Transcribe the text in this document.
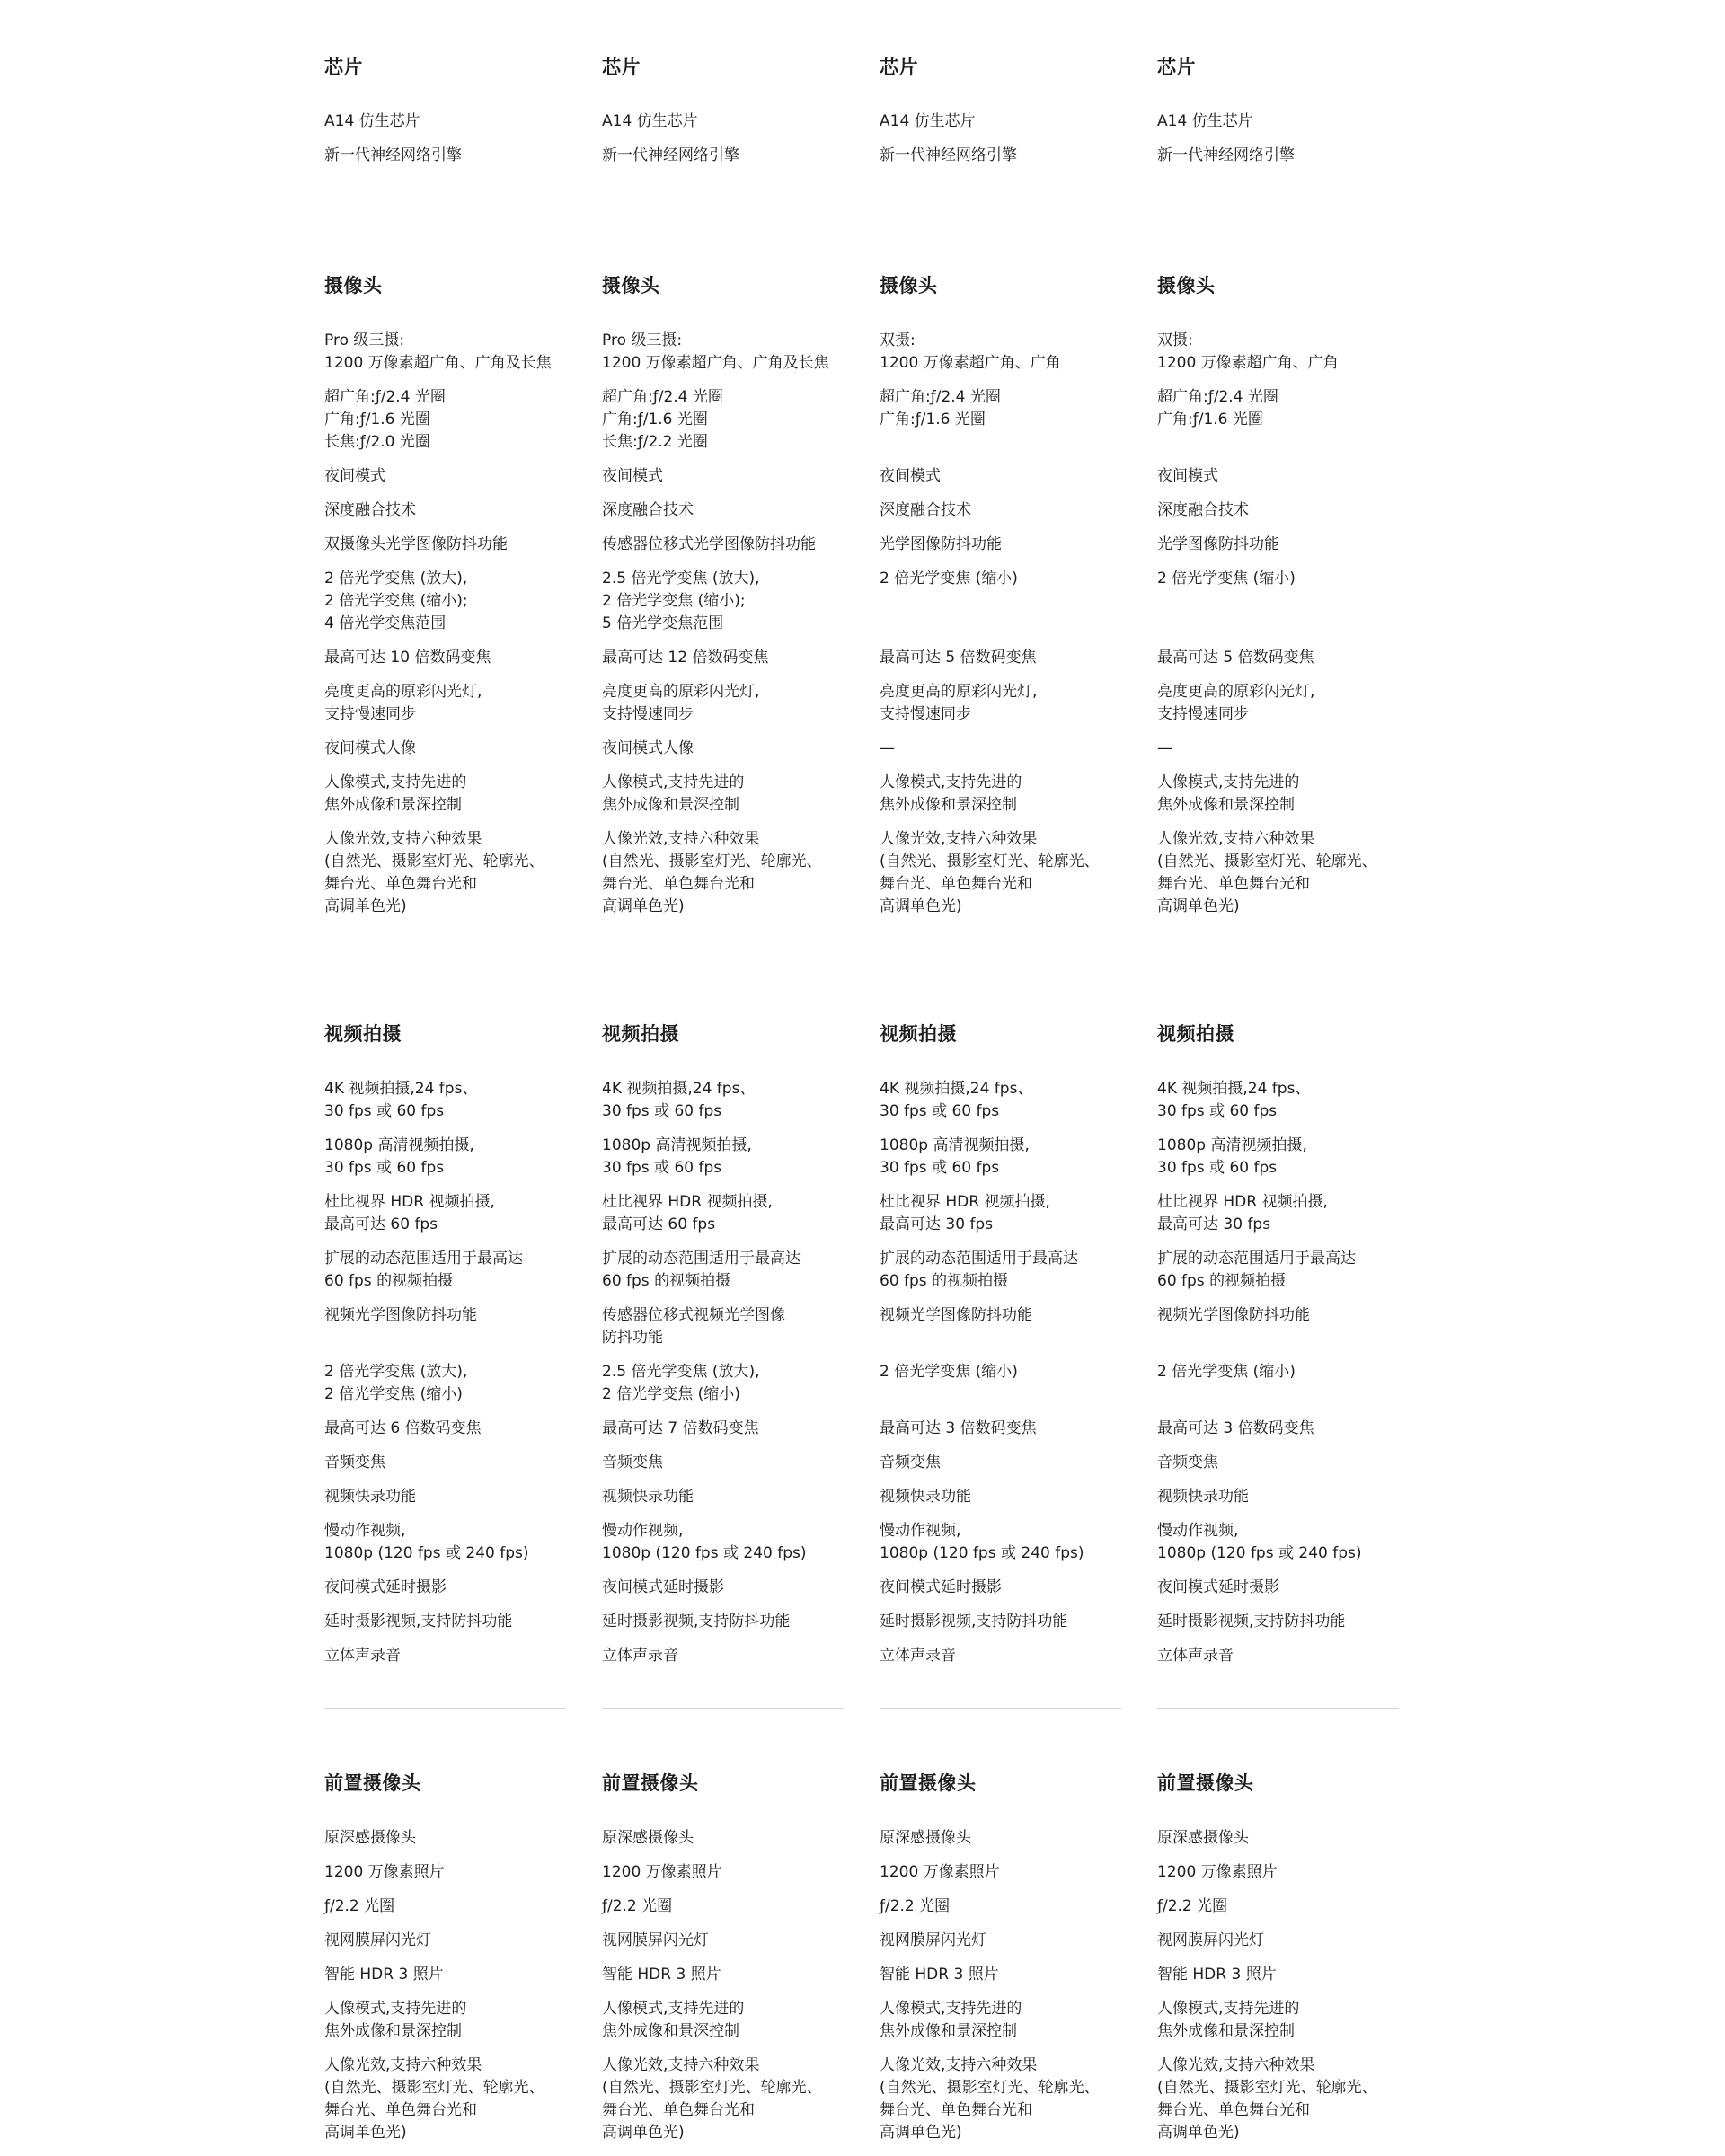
芯片
A14 仿生芯片
新一代神经网络引擎
摄像头
Pro 级三摄:
1200 万像素超广角、广角及长焦
超广角:ƒ/2.4 光圈
广角:ƒ/1.6 光圈
长焦:ƒ/2.0 光圈
夜间模式
深度融合技术
双摄像头光学图像防抖功能
2 倍光学变焦 (放大),
2 倍光学变焦 (缩小);
4 倍光学变焦范围
最高可达 10 倍数码变焦
亮度更高的原彩闪光灯,
支持慢速同步
夜间模式人像
人像模式,支持先进的
焦外成像和景深控制
人像光效,支持六种效果
(自然光、摄影室灯光、轮廓光、
舞台光、单色舞台光和
高调单色光)
视频拍摄
4K 视频拍摄,24 fps、
30 fps 或 60 fps
1080p 高清视频拍摄,
30 fps 或 60 fps
杜比视界 HDR 视频拍摄,
最高可达 60 fps
扩展的动态范围适用于最高达
60 fps 的视频拍摄
视频光学图像防抖功能
2 倍光学变焦 (放大),
2 倍光学变焦 (缩小)
最高可达 6 倍数码变焦
音频变焦
视频快录功能
慢动作视频,
1080p (120 fps 或 240 fps)
夜间模式延时摄影
延时摄影视频,支持防抖功能
立体声录音
前置摄像头
原深感摄像头
1200 万像素照片
ƒ/2.2 光圈
视网膜屏闪光灯
智能 HDR 3 照片
人像模式,支持先进的
焦外成像和景深控制
人像光效,支持六种效果
(自然光、摄影室灯光、轮廓光、
舞台光、单色舞台光和
高调单色光)
芯片
A14 仿生芯片
新一代神经网络引擎
摄像头
Pro 级三摄:
1200 万像素超广角、广角及长焦
超广角:ƒ/2.4 光圈
广角:ƒ/1.6 光圈
长焦:ƒ/2.2 光圈
夜间模式
深度融合技术
传感器位移式光学图像防抖功能
2.5 倍光学变焦 (放大),
2 倍光学变焦 (缩小);
5 倍光学变焦范围
最高可达 12 倍数码变焦
亮度更高的原彩闪光灯,
支持慢速同步
夜间模式人像
人像模式,支持先进的
焦外成像和景深控制
人像光效,支持六种效果
(自然光、摄影室灯光、轮廓光、
舞台光、单色舞台光和
高调单色光)
视频拍摄
4K 视频拍摄,24 fps、
30 fps 或 60 fps
1080p 高清视频拍摄,
30 fps 或 60 fps
杜比视界 HDR 视频拍摄,
最高可达 60 fps
扩展的动态范围适用于最高达
60 fps 的视频拍摄
传感器位移式视频光学图像
防抖功能
2.5 倍光学变焦 (放大),
2 倍光学变焦 (缩小)
最高可达 7 倍数码变焦
音频变焦
视频快录功能
慢动作视频,
1080p (120 fps 或 240 fps)
夜间模式延时摄影
延时摄影视频,支持防抖功能
立体声录音
前置摄像头
原深感摄像头
1200 万像素照片
ƒ/2.2 光圈
视网膜屏闪光灯
智能 HDR 3 照片
人像模式,支持先进的
焦外成像和景深控制
人像光效,支持六种效果
(自然光、摄影室灯光、轮廓光、
舞台光、单色舞台光和
高调单色光)
芯片
A14 仿生芯片
新一代神经网络引擎
摄像头
双摄:
1200 万像素超广角、广角
超广角:ƒ/2.4 光圈
广角:ƒ/1.6 光圈
夜间模式
深度融合技术
光学图像防抖功能
2 倍光学变焦 (缩小)
最高可达 5 倍数码变焦
亮度更高的原彩闪光灯,
支持慢速同步
—
人像模式,支持先进的
焦外成像和景深控制
人像光效,支持六种效果
(自然光、摄影室灯光、轮廓光、
舞台光、单色舞台光和
高调单色光)
视频拍摄
4K 视频拍摄,24 fps、
30 fps 或 60 fps
1080p 高清视频拍摄,
30 fps 或 60 fps
杜比视界 HDR 视频拍摄,
最高可达 30 fps
扩展的动态范围适用于最高达
60 fps 的视频拍摄
视频光学图像防抖功能
2 倍光学变焦 (缩小)
最高可达 3 倍数码变焦
音频变焦
视频快录功能
慢动作视频,
1080p (120 fps 或 240 fps)
夜间模式延时摄影
延时摄影视频,支持防抖功能
立体声录音
前置摄像头
原深感摄像头
1200 万像素照片
ƒ/2.2 光圈
视网膜屏闪光灯
智能 HDR 3 照片
人像模式,支持先进的
焦外成像和景深控制
人像光效,支持六种效果
(自然光、摄影室灯光、轮廓光、
舞台光、单色舞台光和
高调单色光)
芯片
A14 仿生芯片
新一代神经网络引擎
摄像头
双摄:
1200 万像素超广角、广角
超广角:ƒ/2.4 光圈
广角:ƒ/1.6 光圈
夜间模式
深度融合技术
光学图像防抖功能
2 倍光学变焦 (缩小)
最高可达 5 倍数码变焦
亮度更高的原彩闪光灯,
支持慢速同步
—
人像模式,支持先进的
焦外成像和景深控制
人像光效,支持六种效果
(自然光、摄影室灯光、轮廓光、
舞台光、单色舞台光和
高调单色光)
视频拍摄
4K 视频拍摄,24 fps、
30 fps 或 60 fps
1080p 高清视频拍摄,
30 fps 或 60 fps
杜比视界 HDR 视频拍摄,
最高可达 30 fps
扩展的动态范围适用于最高达
60 fps 的视频拍摄
视频光学图像防抖功能
2 倍光学变焦 (缩小)
最高可达 3 倍数码变焦
音频变焦
视频快录功能
慢动作视频,
1080p (120 fps 或 240 fps)
夜间模式延时摄影
延时摄影视频,支持防抖功能
立体声录音
前置摄像头
原深感摄像头
1200 万像素照片
ƒ/2.2 光圈
视网膜屏闪光灯
智能 HDR 3 照片
人像模式,支持先进的
焦外成像和景深控制
人像光效,支持六种效果
(自然光、摄影室灯光、轮廓光、
舞台光、单色舞台光和
高调单色光)
